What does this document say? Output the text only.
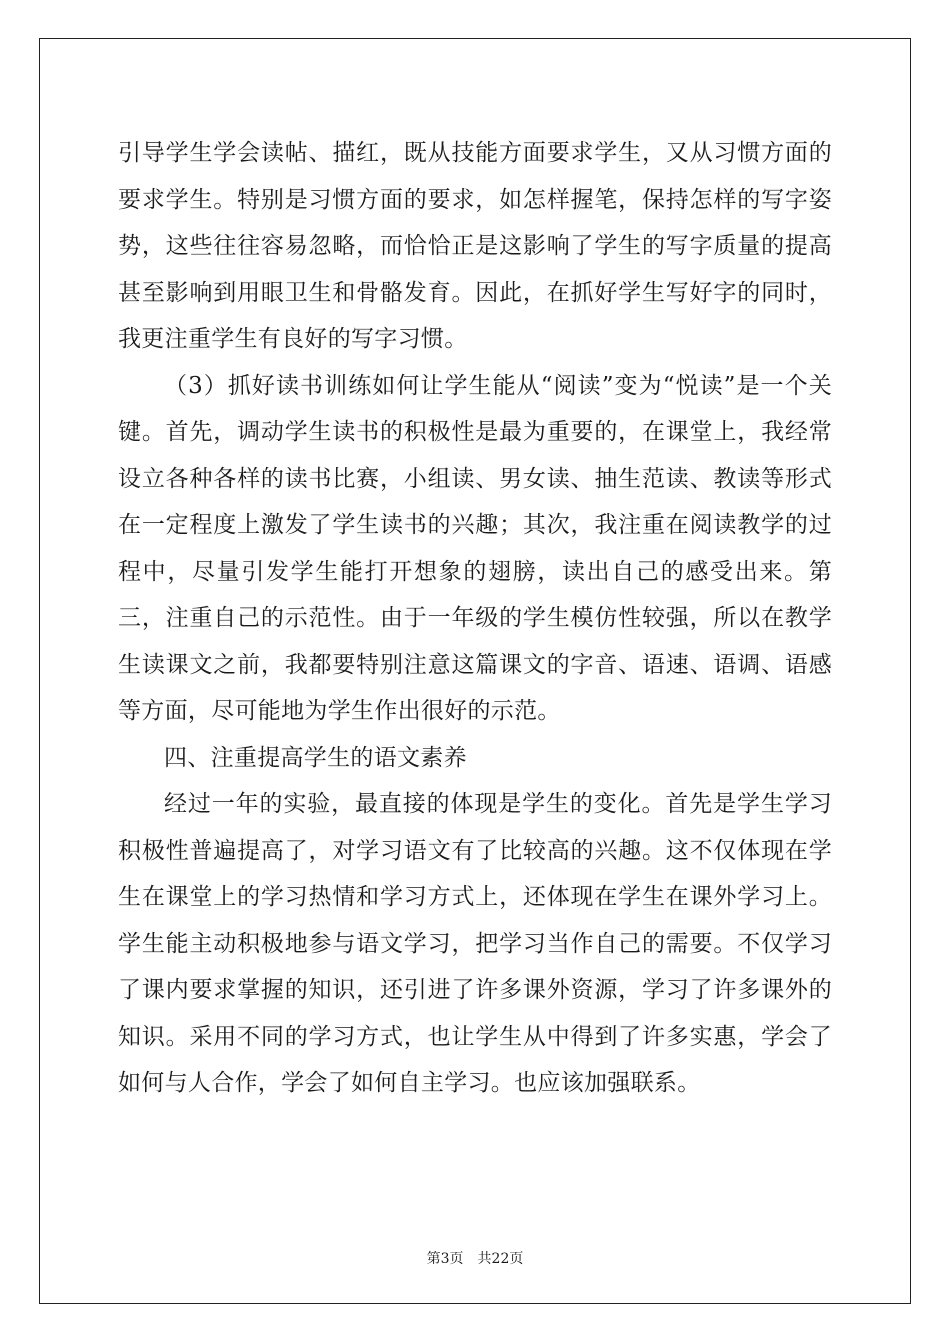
引导学生学会读帖、描红，既从技能方面要求学生，又从习惯方面的要求学生。特别是习惯方面的要求，如怎样握笔，保持怎样的写字姿势，这些往往容易忽略，而恰恰正是这影响了学生的写字质量的提高甚至影响到用眼卫生和骨骼发育。因此，在抓好学生写好字的同时，我更注重学生有良好的写字习惯。

（3）抓好读书训练如何让学生能从“阅读”变为“悦读”是一个关键。首先，调动学生读书的积极性是最为重要的，在课堂上，我经常设立各种各样的读书比赛，小组读、男女读、抽生范读、教读等形式在一定程度上激发了学生读书的兴趣；其次，我注重在阅读教学的过程中，尽量引发学生能打开想象的翅膀，读出自己的感受出来。第三，注重自己的示范性。由于一年级的学生模仿性较强，所以在教学生读课文之前，我都要特别注意这篇课文的字音、语速、语调、语感等方面，尽可能地为学生作出很好的示范。

四、注重提高学生的语文素养

经过一年的实验，最直接的体现是学生的变化。首先是学生学习积极性普遍提高了，对学习语文有了比较高的兴趣。这不仅体现在学生在课堂上的学习热情和学习方式上，还体现在学生在课外学习上。学生能主动积极地参与语文学习，把学习当作自己的需要。不仅学习了课内要求掌握的知识，还引进了许多课外资源，学习了许多课外的知识。采用不同的学习方式，也让学生从中得到了许多实惠，学会了如何与人合作，学会了如何自主学习。也应该加强联系。

第3页 共22页
